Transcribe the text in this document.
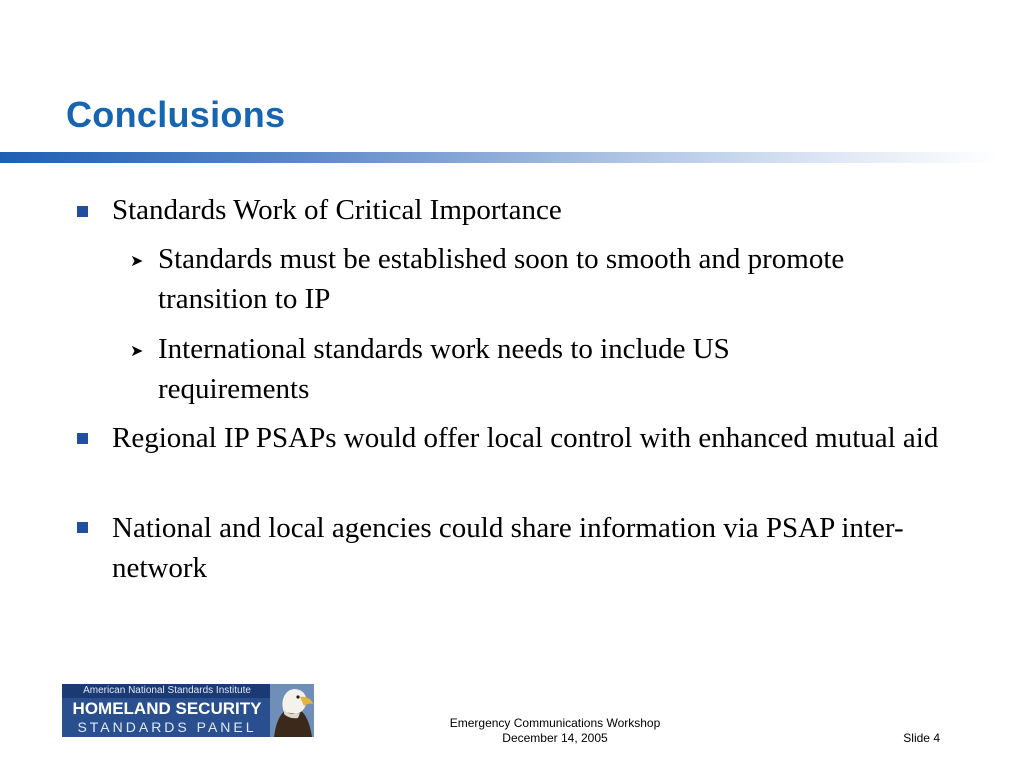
Conclusions
Standards Work of Critical Importance
➤ Standards must be established soon to smooth and promote transition to IP
➤ International standards work needs to include US requirements
Regional IP PSAPs would offer local control with enhanced mutual aid
National and local agencies could share information via PSAP inter-network
American National Standards Institute
HOMELAND SECURITY
STANDARDS PANEL	Emergency Communications Workshop
December 14, 2005	Slide 4
